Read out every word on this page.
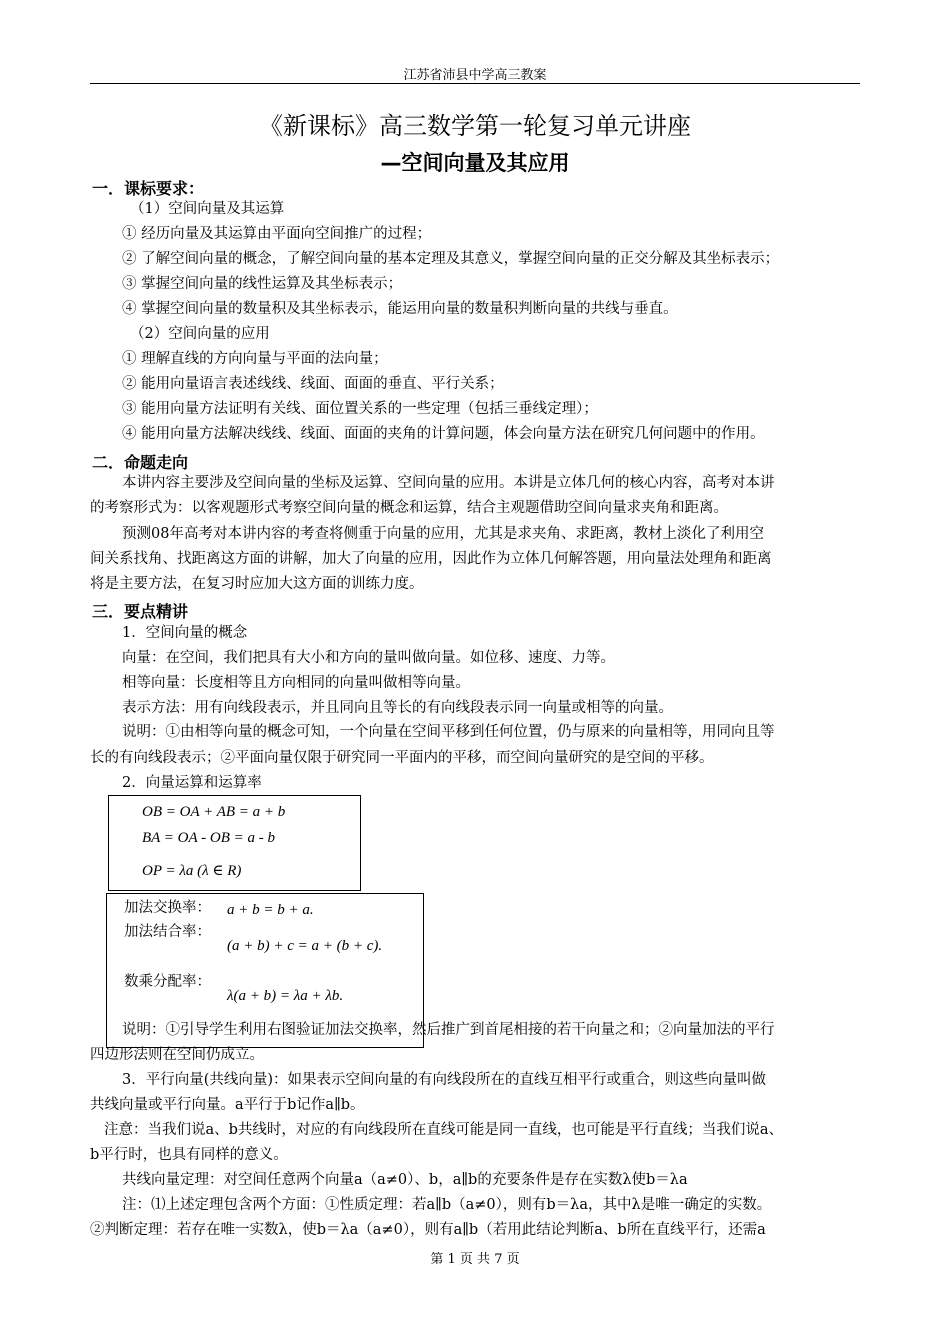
江苏省沛县中学高三教案
《新课标》高三数学第一轮复习单元讲座
—空间向量及其应用
一．课标要求：
（1）空间向量及其运算
① 经历向量及其运算由平面向空间推广的过程；
② 了解空间向量的概念，了解空间向量的基本定理及其意义，掌握空间向量的正交分解及其坐标表示；
③ 掌握空间向量的线性运算及其坐标表示；
④ 掌握空间向量的数量积及其坐标表示，能运用向量的数量积判断向量的共线与垂直。
（2）空间向量的应用
① 理解直线的方向向量与平面的法向量；
② 能用向量语言表述线线、线面、面面的垂直、平行关系；
③ 能用向量方法证明有关线、面位置关系的一些定理（包括三垂线定理）；
④ 能用向量方法解决线线、线面、面面的夹角的计算问题，体会向量方法在研究几何问题中的作用。
二．命题走向
本讲内容主要涉及空间向量的坐标及运算、空间向量的应用。本讲是立体几何的核心内容，高考对本讲
的考察形式为：以客观题形式考察空间向量的概念和运算，结合主观题借助空间向量求夹角和距离。
预测08年高考对本讲内容的考查将侧重于向量的应用，尤其是求夹角、求距离，教材上淡化了利用空
间关系找角、找距离这方面的讲解，加大了向量的应用，因此作为立体几何解答题，用向量法处理角和距离
将是主要方法，在复习时应加大这方面的训练力度。
三．要点精讲
1．空间向量的概念
向量：在空间，我们把具有大小和方向的量叫做向量。如位移、速度、力等。
相等向量：长度相等且方向相同的向量叫做相等向量。
表示方法：用有向线段表示，并且同向且等长的有向线段表示同一向量或相等的向量。
说明：①由相等向量的概念可知，一个向量在空间平移到任何位置，仍与原来的向量相等，用同向且等
长的有向线段表示；②平面向量仅限于研究同一平面内的平移，而空间向量研究的是空间的平移。
2．向量运算和运算率
OB = OA + AB = a + b
BA = OA - OB = a - b
OP = λa (λ ∈ R)
加法交换率： a + b = b + a.
加法结合率：
(a + b) + c = a + (b + c).
数乘分配率：
λ(a + b) = λa + λb.
说明：①引导学生利用右图验证加法交换率，然后推广到首尾相接的若干向量之和；②向量加法的平行
四边形法则在空间仍成立。
3．平行向量(共线向量)：如果表示空间向量的有向线段所在的直线互相平行或重合，则这些向量叫做
共线向量或平行向量。a平行于b记作a∥b。
注意：当我们说a、b共线时，对应的有向线段所在直线可能是同一直线，也可能是平行直线；当我们说a、
b平行时，也具有同样的意义。
共线向量定理：对空间任意两个向量a（a≠0）、b，a∥b的充要条件是存在实数λ使b＝λa
注：⑴上述定理包含两个方面：①性质定理：若a∥b（a≠0），则有b＝λa，其中λ是唯一确定的实数。
②判断定理：若存在唯一实数λ，使b＝λa（a≠0），则有a∥b（若用此结论判断a、b所在直线平行，还需a
第 1 页 共 7 页
